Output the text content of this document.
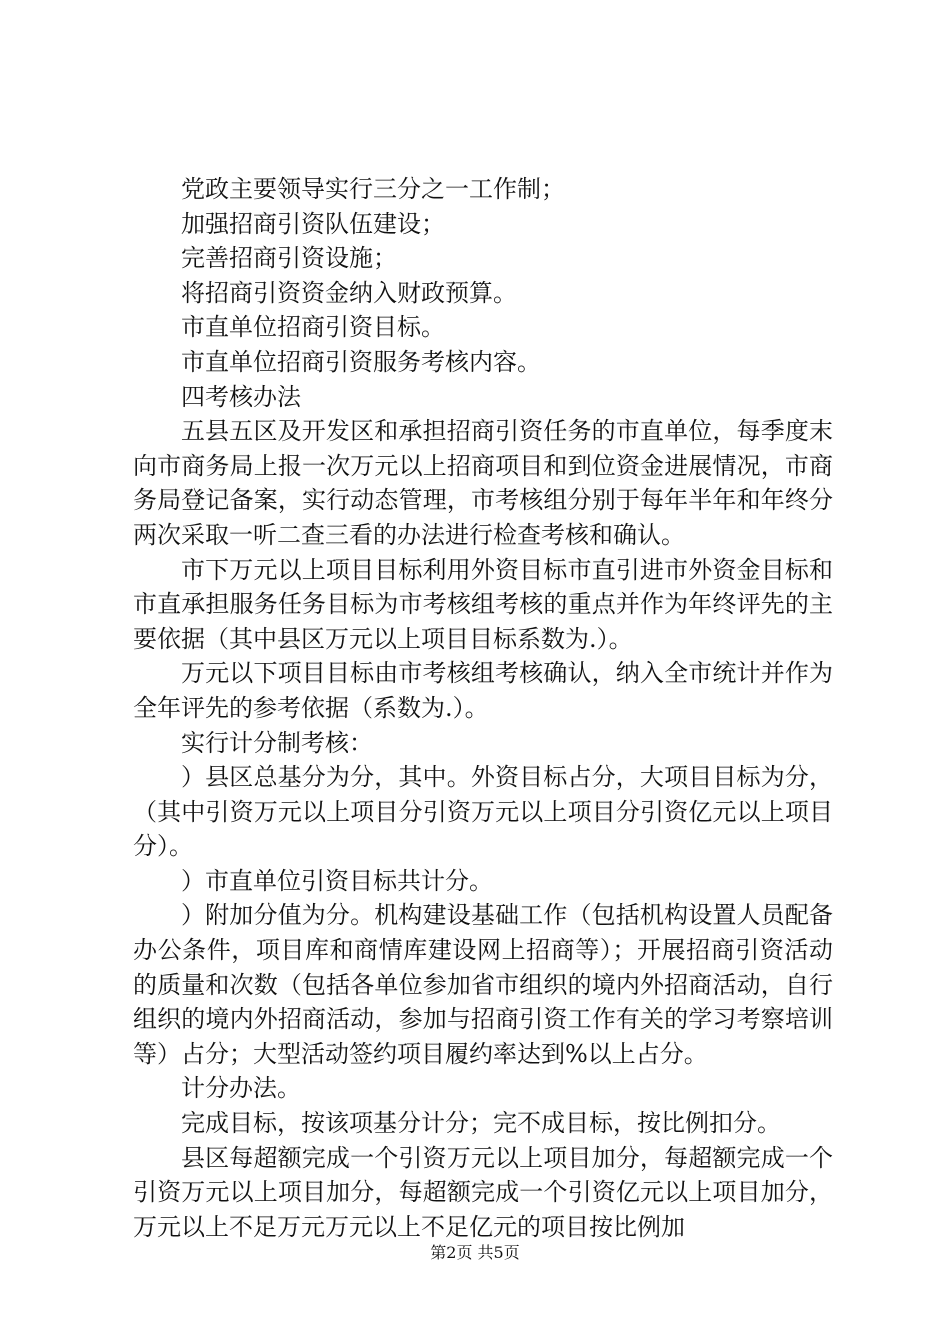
党政主要领导实行三分之一工作制；

加强招商引资队伍建设；

完善招商引资设施；

将招商引资资金纳入财政预算。

市直单位招商引资目标。

市直单位招商引资服务考核内容。

四考核办法

五县五区及开发区和承担招商引资任务的市直单位，每季度末向市商务局上报一次万元以上招商项目和到位资金进展情况，市商务局登记备案，实行动态管理，市考核组分别于每年半年和年终分两次采取一听二查三看的办法进行检查考核和确认。

市下万元以上项目目标利用外资目标市直引进市外资金目标和市直承担服务任务目标为市考核组考核的重点并作为年终评先的主要依据（其中县区万元以上项目目标系数为.）。

万元以下项目目标由市考核组考核确认，纳入全市统计并作为全年评先的参考依据（系数为.）。

实行计分制考核：

）县区总基分为分，其中。外资目标占分，大项目目标为分，（其中引资万元以上项目分引资万元以上项目分引资亿元以上项目分）。

）市直单位引资目标共计分。

）附加分值为分。机构建设基础工作（包括机构设置人员配备办公条件，项目库和商情库建设网上招商等）；开展招商引资活动的质量和次数（包括各单位参加省市组织的境内外招商活动，自行组织的境内外招商活动，参加与招商引资工作有关的学习考察培训等）占分；大型活动签约项目履约率达到%以上占分。

计分办法。

完成目标，按该项基分计分；完不成目标，按比例扣分。

县区每超额完成一个引资万元以上项目加分，每超额完成一个引资万元以上项目加分，每超额完成一个引资亿元以上项目加分，万元以上不足万元万元以上不足亿元的项目按比例加

第2页 共5页
